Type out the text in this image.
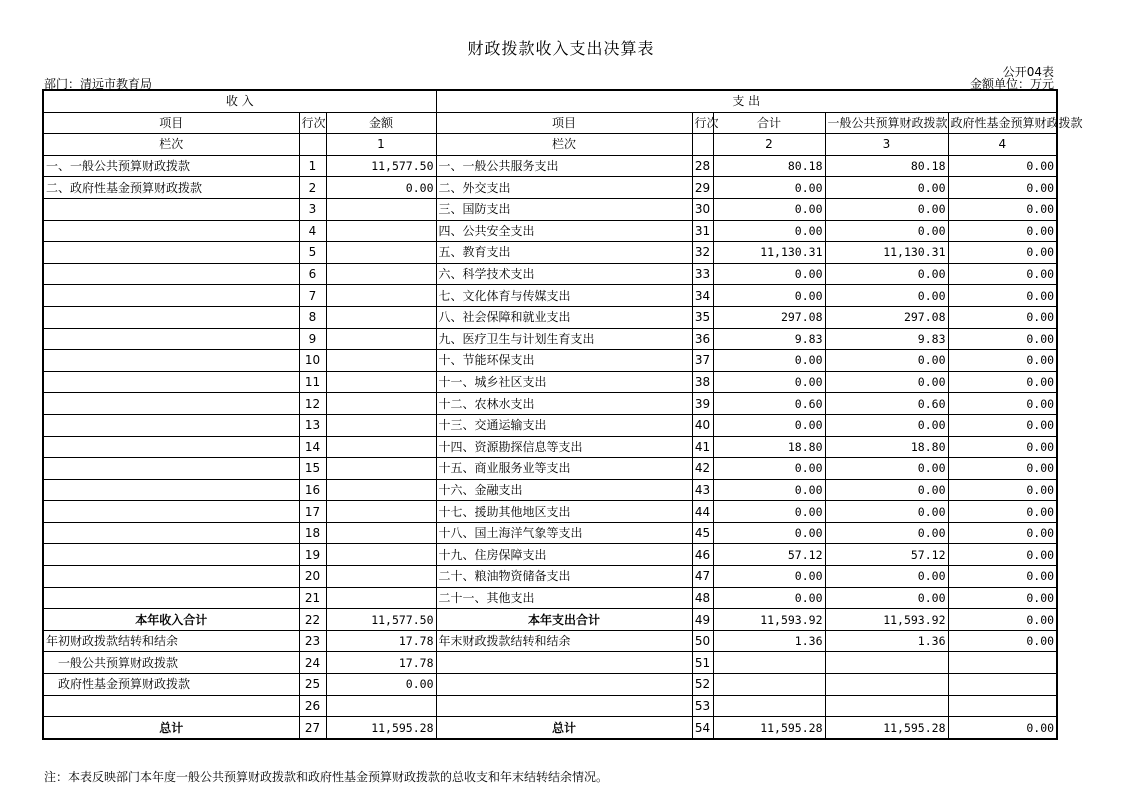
财政拨款收入支出决算表
公开04表
部门：清远市教育局	金额单位：万元
收 入			支 出				
项目	行次	金额	项目	行次	合计	一般公共预算财政拨款	政府性基金预算财政拨款
栏次		1	栏次		2	3	4
一、一般公共预算财政拨款	1	11,577.50	一、一般公共服务支出	28	80.18	80.18	0.00
二、政府性基金预算财政拨款	2	0.00	二、外交支出	29	0.00	0.00	0.00
	3		三、国防支出	30	0.00	0.00	0.00
	4		四、公共安全支出	31	0.00	0.00	0.00
	5		五、教育支出	32	11,130.31	11,130.31	0.00
	6		六、科学技术支出	33	0.00	0.00	0.00
	7		七、文化体育与传媒支出	34	0.00	0.00	0.00
	8		八、社会保障和就业支出	35	297.08	297.08	0.00
	9		九、医疗卫生与计划生育支出	36	9.83	9.83	0.00
	10		十、节能环保支出	37	0.00	0.00	0.00
	11		十一、城乡社区支出	38	0.00	0.00	0.00
	12		十二、农林水支出	39	0.60	0.60	0.00
	13		十三、交通运输支出	40	0.00	0.00	0.00
	14		十四、资源勘探信息等支出	41	18.80	18.80	0.00
	15		十五、商业服务业等支出	42	0.00	0.00	0.00
	16		十六、金融支出	43	0.00	0.00	0.00
	17		十七、援助其他地区支出	44	0.00	0.00	0.00
	18		十八、国土海洋气象等支出	45	0.00	0.00	0.00
	19		十九、住房保障支出	46	57.12	57.12	0.00
	20		二十、粮油物资储备支出	47	0.00	0.00	0.00
	21		二十一、其他支出	48	0.00	0.00	0.00
本年收入合计	22	11,577.50	本年支出合计	49	11,593.92	11,593.92	0.00
年初财政拨款结转和结余	23	17.78	年末财政拨款结转和结余	50	1.36	1.36	0.00
一般公共预算财政拨款	24	17.78		51			
政府性基金预算财政拨款	25	0.00		52			
	26			53			
总计	27	11,595.28	总计	54	11,595.28	11,595.28	0.00
注：本表反映部门本年度一般公共预算财政拨款和政府性基金预算财政拨款的总收支和年末结转结余情况。
